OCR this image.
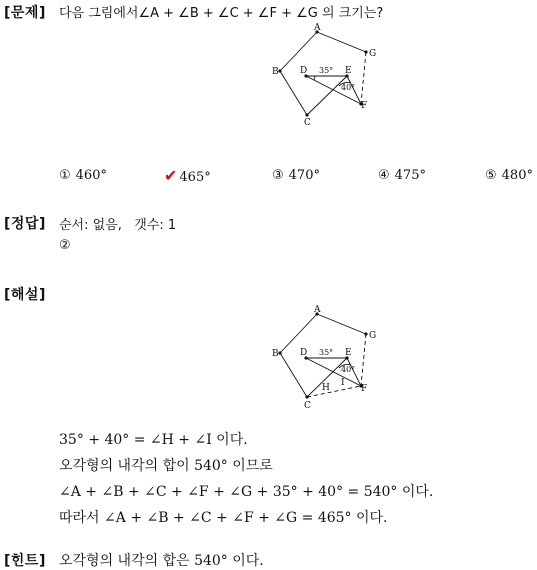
[문제] 다음 그림에서∠A + ∠B + ∠C + ∠F + ∠G 의 크기는?
A
B
C
D	E
F
G
35°
40°
① 460°	✔ 465°	③ 470°	④ 475°	⑤ 480°
[정답] 순서: 없음,   갯수: 1
②
[해설]
A
B
C
D	E
F
G
H I
35°
40°
35° + 40° = ∠H + ∠I 이다.
오각형의 내각의 합이 540° 이므로
∠A + ∠B + ∠C + ∠F + ∠G + 35° + 40° = 540° 이다.
따라서 ∠A + ∠B + ∠C + ∠F + ∠G = 465° 이다.
[힌트] 오각형의 내각의 합은 540° 이다.
